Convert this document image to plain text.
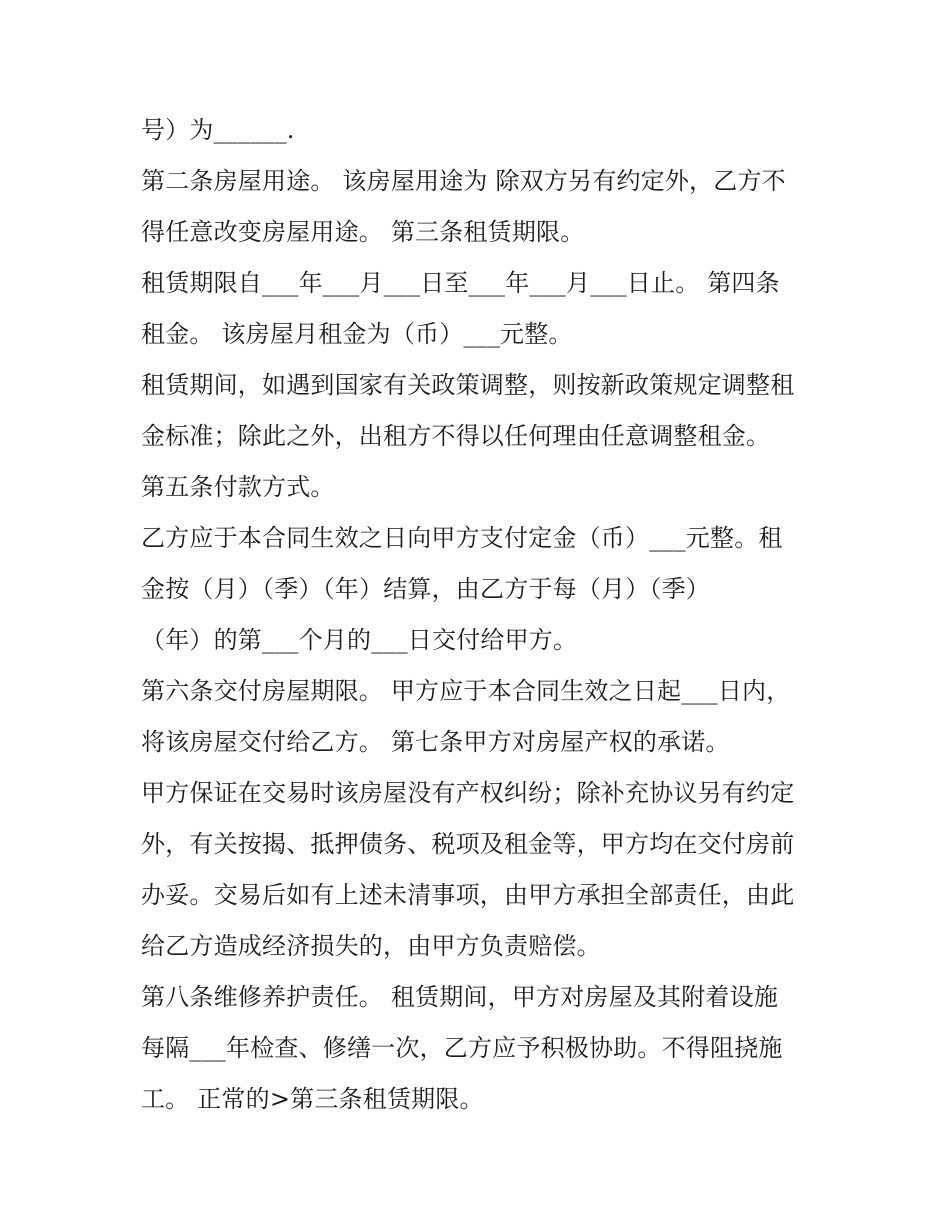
号）为______.
第二条房屋用途。 该房屋用途为 除双方另有约定外，乙方不
得任意改变房屋用途。 第三条租赁期限。
租赁期限自___年___月___日至___年___月___日止。 第四条
租金。 该房屋月租金为（币）___元整。
租赁期间，如遇到国家有关政策调整，则按新政策规定调整租
金标准；除此之外，出租方不得以任何理由任意调整租金。
第五条付款方式。
乙方应于本合同生效之日向甲方支付定金（币）___元整。租
金按（月）（季）（年）结算，由乙方于每（月）（季）
（年）的第___个月的___日交付给甲方。
第六条交付房屋期限。 甲方应于本合同生效之日起___日内，
将该房屋交付给乙方。 第七条甲方对房屋产权的承诺。
甲方保证在交易时该房屋没有产权纠纷；除补充协议另有约定
外，有关按揭、抵押债务、税项及租金等，甲方均在交付房前
办妥。交易后如有上述未清事项，由甲方承担全部责任，由此
给乙方造成经济损失的，由甲方负责赔偿。
第八条维修养护责任。 租赁期间，甲方对房屋及其附着设施
每隔___年检查、修缮一次，乙方应予积极协助。不得阻挠施
工。 正常的>第三条租赁期限。
